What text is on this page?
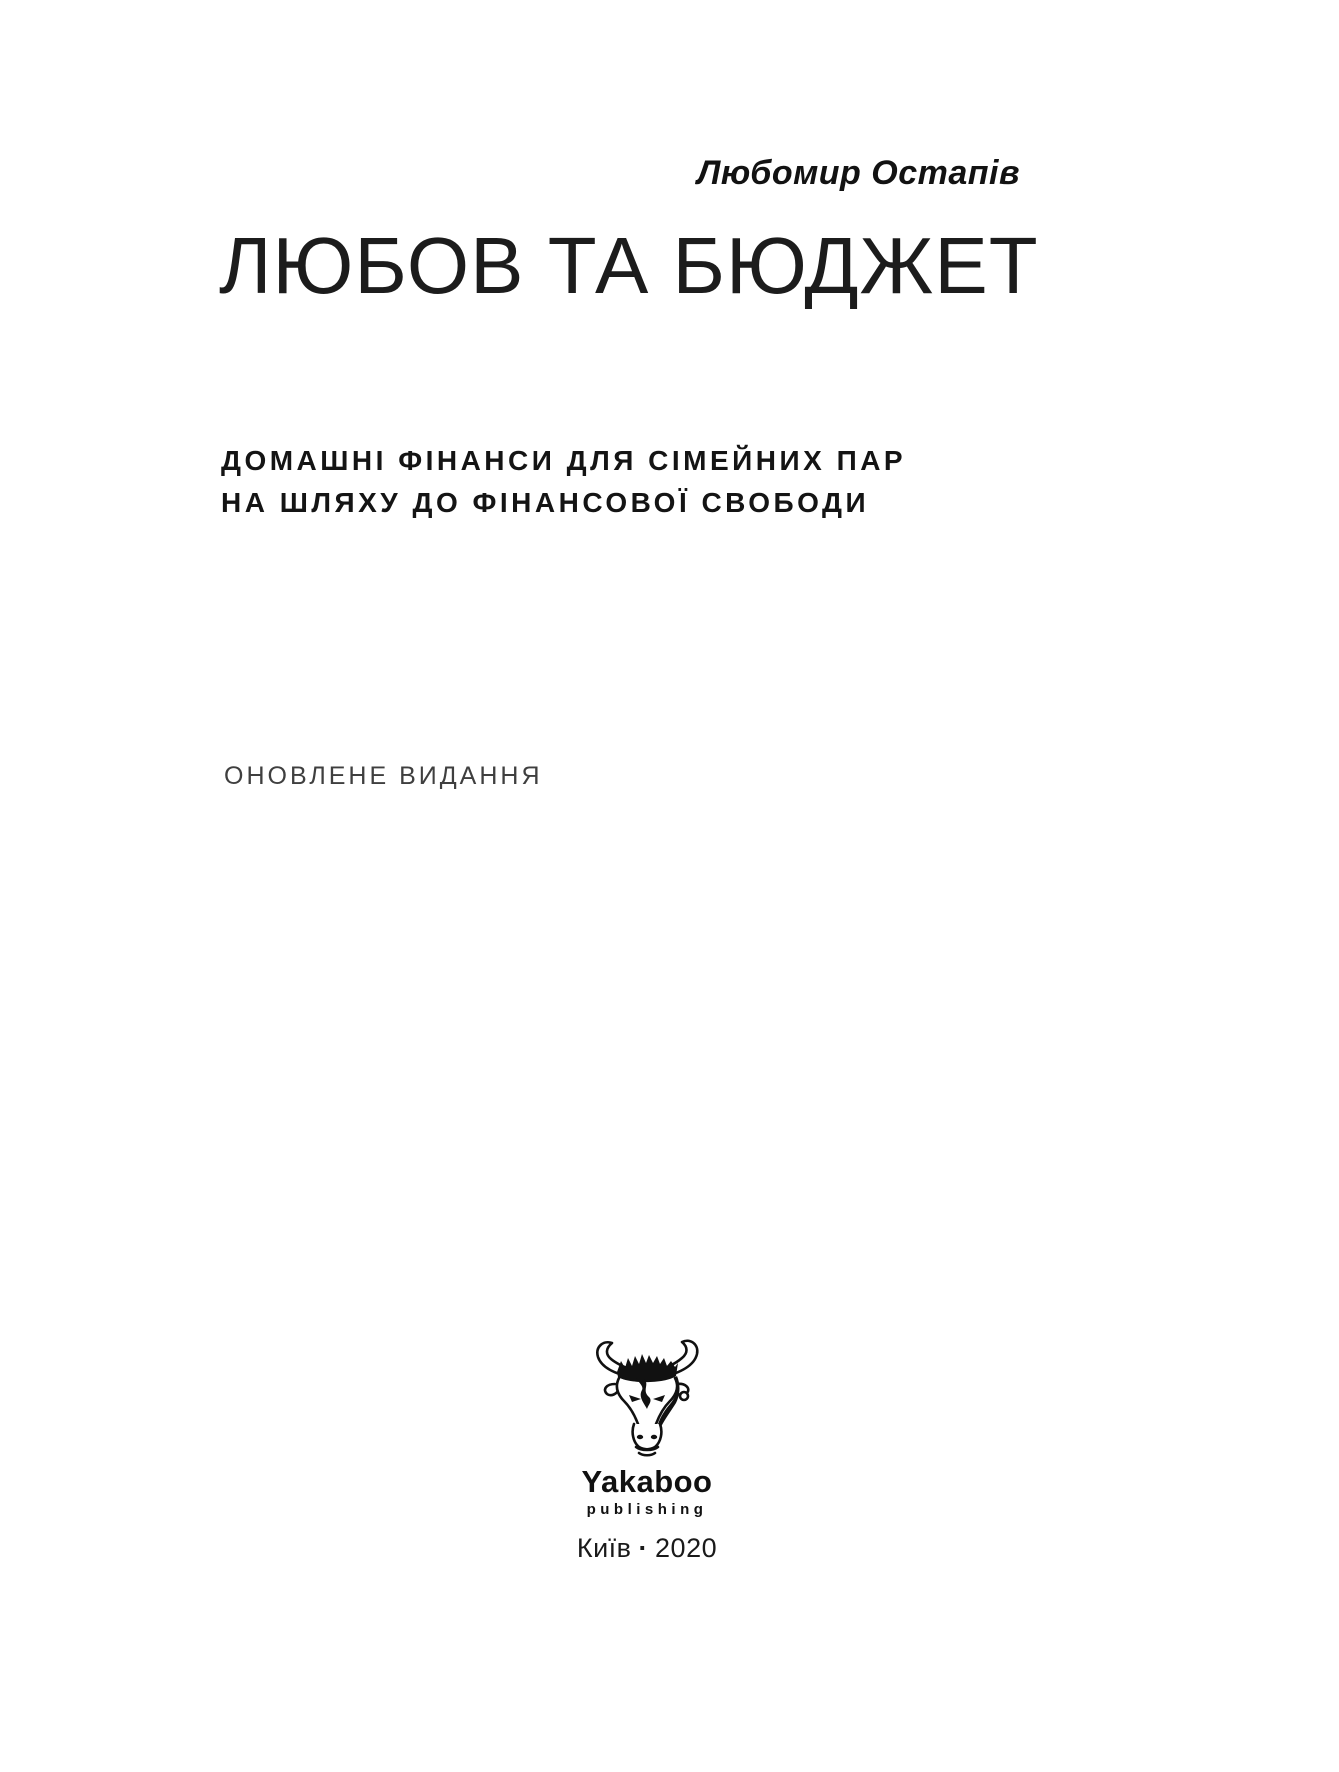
Любомир Остапів
ЛЮБОВ ТА БЮДЖЕТ
ДОМАШНІ ФІНАНСИ ДЛЯ СІМЕЙНИХ ПАР
НА ШЛЯХУ ДО ФІНАНСОВОЇ СВОБОДИ
ОНОВЛЕНЕ ВИДАННЯ
Yakaboo
publishing
Київ · 2020
